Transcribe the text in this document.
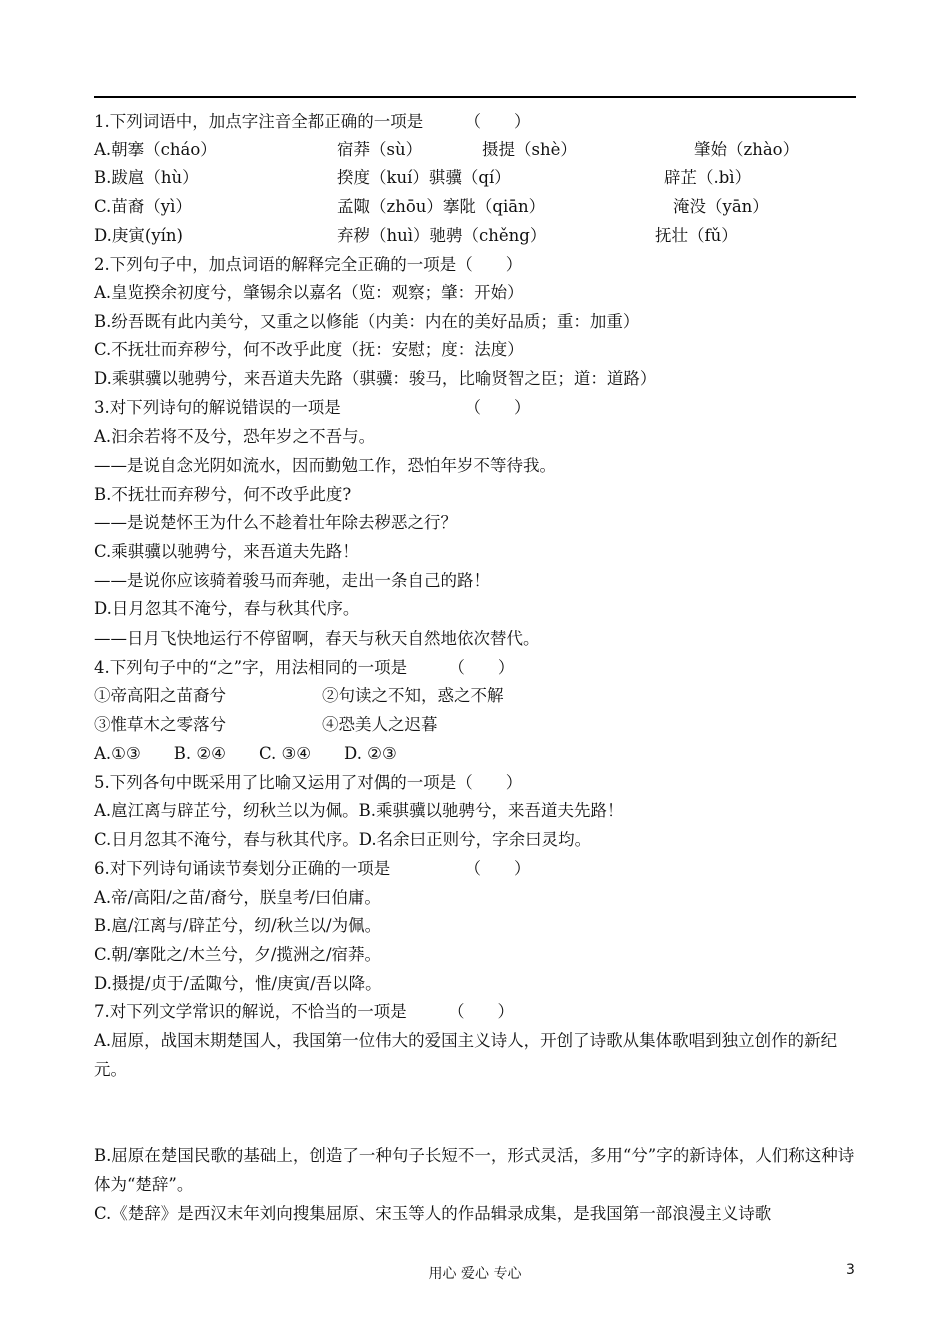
1.下列词语中，加点字注音全都正确的一项是　　　（　　）
A.朝搴（cháo）	宿莽（sù）	摄提（shè）	肇始（zhào）
B.跋扈（hù）	揆度（kuí）骐骥（qí）	辟芷（.bì）
C.苗裔（yì）	孟陬（zhōu）搴阰（qiān）	淹没（yān）
D.庚寅(yín)	弃秽（huì）驰骋（chěng）	抚壮（fǔ）
2.下列句子中，加点词语的解释完全正确的一项是（　　）
A.皇览揆余初度兮，肇锡余以嘉名（览：观察；肇：开始）
B.纷吾既有此内美兮，又重之以修能（内美：内在的美好品质；重：加重）
C.不抚壮而弃秽兮，何不改乎此度（抚：安慰；度：法度）
D.乘骐骥以驰骋兮，来吾道夫先路（骐骥：骏马，比喻贤智之臣；道：道路）
3.对下列诗句的解说错误的一项是　　　　　　　　（　　）
A.汩余若将不及兮，恐年岁之不吾与。
——是说自念光阴如流水，因而勤勉工作，恐怕年岁不等待我。
B.不抚壮而弃秽兮，何不改乎此度?
——是说楚怀王为什么不趁着壮年除去秽恶之行？
C.乘骐骥以驰骋兮，来吾道夫先路！
——是说你应该骑着骏马而奔驰，走出一条自己的路！
D.日月忽其不淹兮，春与秋其代序。
——日月飞快地运行不停留啊，春天与秋天自然地依次替代。
4.下列句子中的“之”字，用法相同的一项是　　　（　　）
①帝高阳之苗裔兮	②句读之不知，惑之不解
③惟草木之零落兮	④恐美人之迟暮
A.①③　　B. ②④　　C. ③④　　D. ②③
5.下列各句中既采用了比喻又运用了对偶的一项是（　　）
A.扈江离与辟芷兮，纫秋兰以为佩。B.乘骐骥以驰骋兮，来吾道夫先路！
C.日月忽其不淹兮，春与秋其代序。D.名余曰正则兮，字余曰灵均。
6.对下列诗句诵读节奏划分正确的一项是　　　　　（　　）
A.帝/高阳/之苗/裔兮，朕皇考/曰伯庸。
B.扈/江离与/辟芷兮，纫/秋兰以/为佩。
C.朝/搴阰之/木兰兮，夕/揽洲之/宿莽。
D.摄提/贞于/孟陬兮，惟/庚寅/吾以降。
7.对下列文学常识的解说，不恰当的一项是　　　（　　）
A.屈原，战国末期楚国人，我国第一位伟大的爱国主义诗人，开创了诗歌从集体歌唱到独立创作的新纪元。
B.屈原在楚国民歌的基础上，创造了一种句子长短不一，形式灵活，多用“兮”字的新诗体，人们称这种诗体为“楚辞”。
C.《楚辞》是西汉末年刘向搜集屈原、宋玉等人的作品辑录成集，是我国第一部浪漫主义诗歌
用心 爱心 专心	3
